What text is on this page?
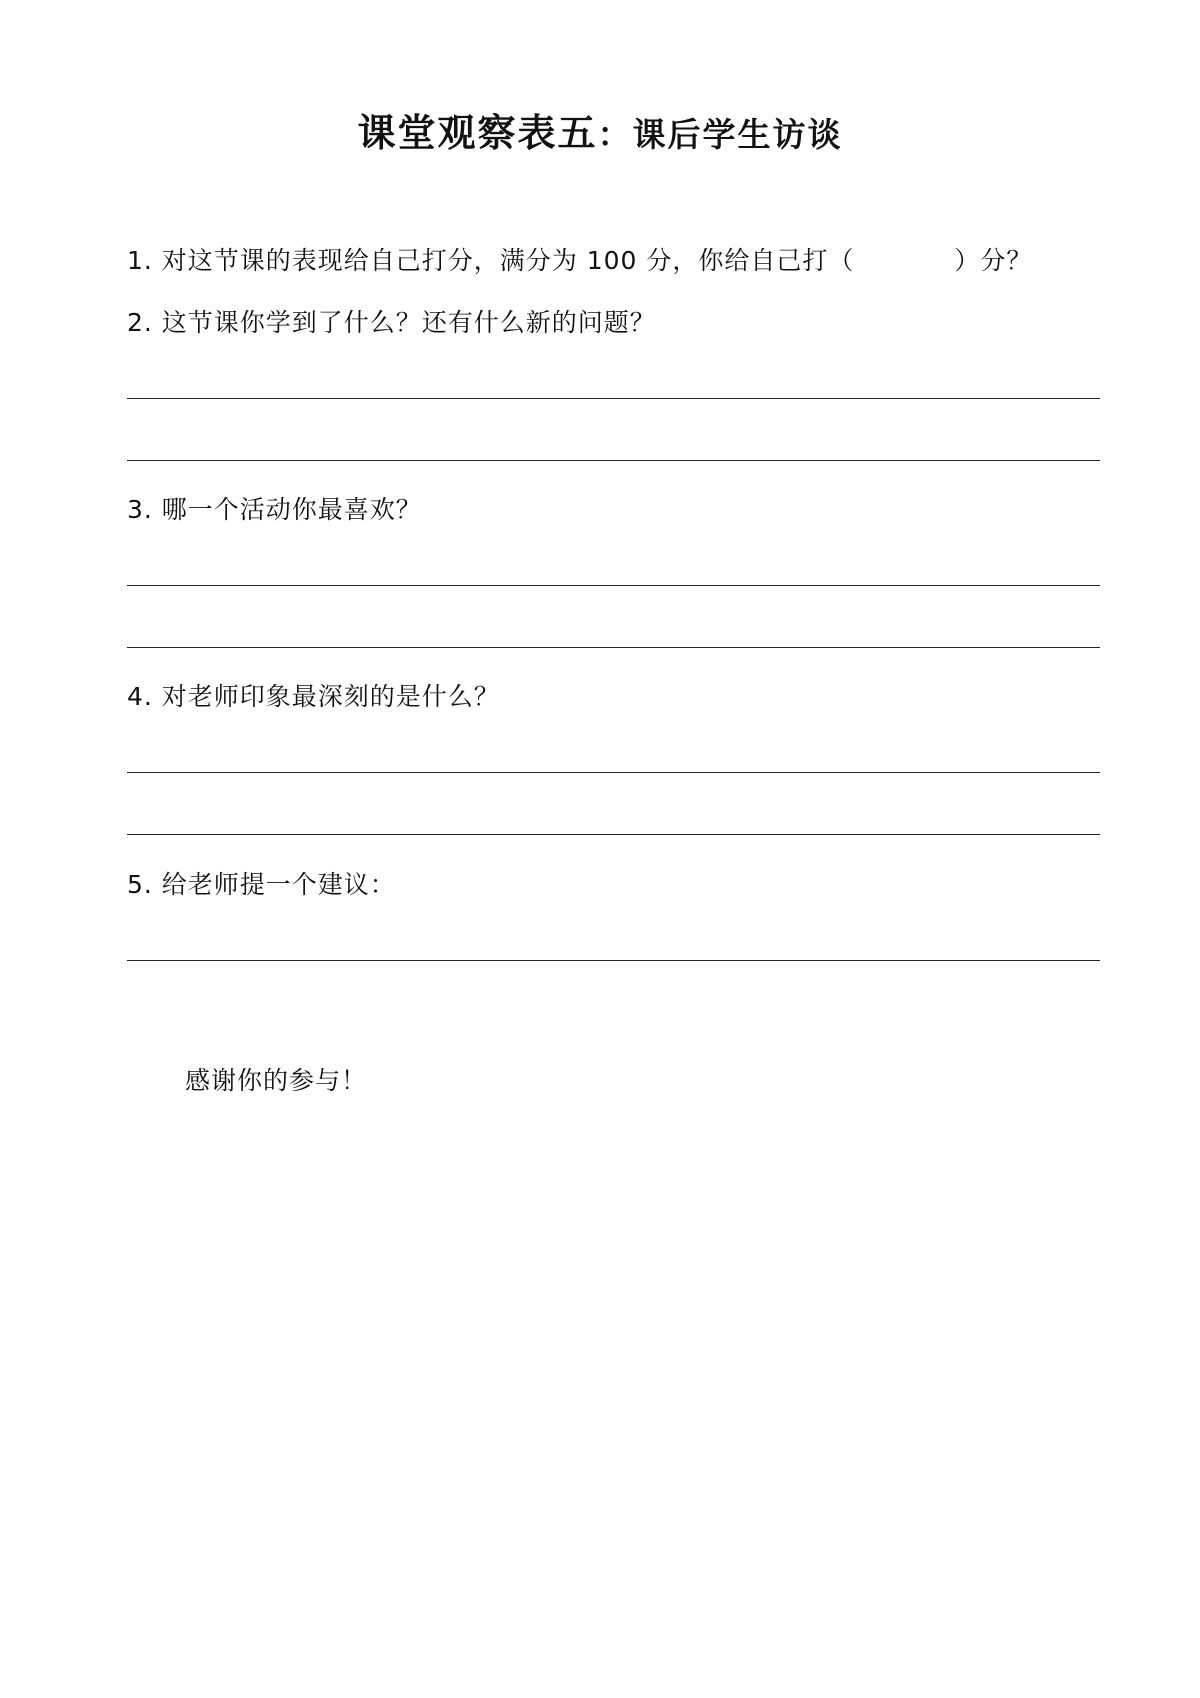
课堂观察表五：课后学生访谈
1. 对这节课的表现给自己打分，满分为 100 分，你给自己打（	）分？
2. 这节课你学到了什么？还有什么新的问题？
3. 哪一个活动你最喜欢？
4. 对老师印象最深刻的是什么？
5. 给老师提一个建议：
感谢你的参与！
